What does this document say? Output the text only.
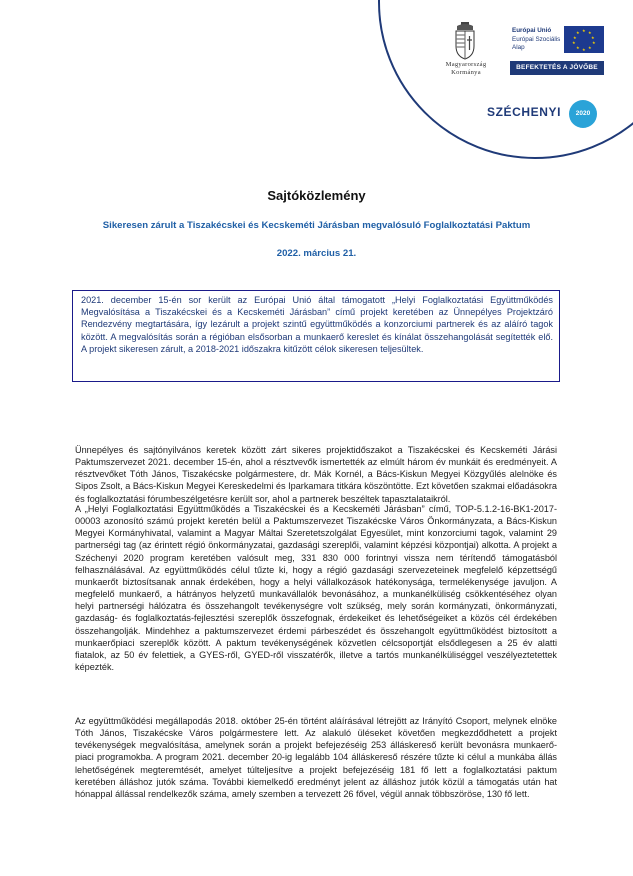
Magyarország
Kormánya
Európai Unió
Európai Szociális
Alap
★ ★
★
★
★
★
★
★
★
★
BEFEKTETÉS A JÖVŐBE
SZÉCHENYI	2020
Sajtóközlemény
Sikeresen zárult a Tiszakécskei és Kecskeméti Járásban megvalósuló Foglalkoztatási Paktum
2022. március 21.
2021. december 15-én sor került az Európai Unió által támogatott „Helyi Foglalkoztatási Együttműködés Megvalósítása a Tiszakécskei és a Kecskeméti Járásban” című projekt keretében az Ünnepélyes Projektzáró Rendezvény megtartására, így lezárult a projekt szintű együttműködés a konzorciumi partnerek és az aláíró tagok között. A megvalósítás során a régióban elsősorban a munkaerő kereslet és kínálat összehangolását segítették elő. A projekt sikeresen zárult, a 2018-2021 időszakra kitűzött célok sikeresen teljesültek.

Ünnepélyes és sajtónyilvános keretek között zárt sikeres projektidőszakot a Tiszakécskei és Kecskeméti Járási Paktumszervezet 2021. december 15-én, ahol a résztvevők ismertették az elmúlt három év munkáit és eredményeit. A résztvevőket Tóth János, Tiszakécske polgármestere, dr. Mák Kornél, a Bács-Kiskun Megyei Közgyűlés alelnöke és Sipos Zsolt, a Bács-Kiskun Megyei Kereskedelmi és Iparkamara titkára köszöntötte. Ezt követően szakmai előadásokra és foglalkoztatási fórumbeszélgetésre került sor, ahol a partnerek beszéltek tapasztalataikról.

A „Helyi Foglalkoztatási Együttműködés a Tiszakécskei és a Kecskeméti Járásban” című, TOP-5.1.2-16-BK1-2017-00003 azonosító számú projekt keretén belül a Paktumszervezet Tiszakécske Város Önkormányzata, a Bács-Kiskun Megyei Kormányhivatal, valamint a Magyar Máltai Szeretetszolgálat Egyesület, mint konzorciumi tagok, valamint 29 partnerségi tag (az érintett régió önkormányzatai, gazdasági szereplői, valamint képzési központjai) alkotta. A projekt a Széchenyi 2020 program keretében valósult meg, 331 830 000 forintnyi vissza nem térítendő támogatásból felhasználásával. Az együttműködés célul tűzte ki, hogy a régió gazdasági szervezeteinek megfelelő képzettségű munkaerőt biztosítsanak annak érdekében, hogy a helyi vállalkozások hatékonysága, termelékenysége javuljon. A megfelelő munkaerő, a hátrányos helyzetű munkavállalók bevonásához, a munkanélküliség csökkentéséhez olyan helyi partnerségi hálózatra és összehangolt tevékenységre volt szükség, mely során kormányzati, önkormányzati, gazdaság- és foglalkoztatás-fejlesztési szereplők összefognak, érdekeiket és lehetőségeiket a közös cél érdekében összehangolják. Mindehhez a paktumszervezet érdemi párbeszédet és összehangolt együttműködést biztosított a munkaerőpiaci szereplők között. A paktum tevékenységének közvetlen célcsoportját elsődlegesen a 25 év alatti fiatalok, az 50 év felettiek, a GYES-ről, GYED-ről visszatérők, illetve a tartós munkanélküliséggel veszélyeztetettek képezték.

Az együttműködési megállapodás 2018. október 25-én történt aláírásával létrejött az Irányító Csoport, melynek elnöke Tóth János, Tiszakécske Város polgármestere lett. Az alakuló üléseket követően megkezdődhetett a projekt tevékenységek megvalósítása, amelynek során a projekt befejezéséig 253 álláskereső került bevonásra munkaerő-piaci programokba. A program 2021. december 20-ig legalább 104 álláskereső részére tűzte ki célul a munkába állás lehetőségének megteremtését, amelyet túlteljesítve a projekt befejezéséig 181 fő lett a foglalkoztatási paktum keretében álláshoz jutók száma. További kiemelkedő eredményt jelent az álláshoz jutók közül a támogatás után hat hónappal állással rendelkezők száma, amely szemben a tervezett 26 fővel, végül annak többszöröse, 130 fő lett.
